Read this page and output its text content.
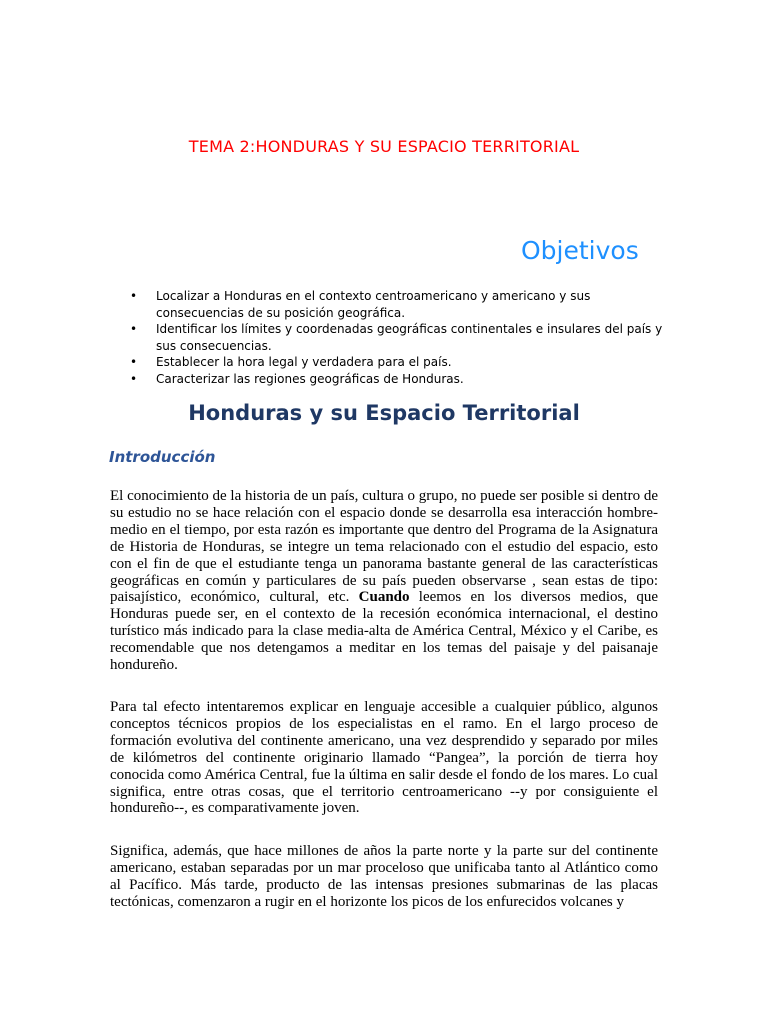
TEMA 2:HONDURAS Y SU ESPACIO TERRITORIAL
Objetivos
• Localizar a Honduras en el contexto centroamericano y americano y sus consecuencias de su posición geográfica.
• Identificar los límites y coordenadas geográficas continentales e insulares del país y sus consecuencias.
• Establecer la hora legal y verdadera para el país.
• Caracterizar las regiones geográficas de Honduras.
Honduras y su Espacio Territorial
Introducción

El conocimiento de la historia de un país, cultura o grupo, no puede ser posible si dentro de su estudio no se hace relación con el espacio donde se desarrolla esa interacción hombre-medio en el tiempo, por esta razón es importante que dentro del Programa de la Asignatura de Historia de Honduras, se integre un tema relacionado con el estudio del espacio, esto con el fin de que el estudiante tenga un panorama bastante general de las características geográficas en común y particulares de su país pueden observarse , sean estas de tipo: paisajístico, económico, cultural, etc. Cuando leemos en los diversos medios, que Honduras puede ser, en el contexto de la recesión económica internacional, el destino turístico más indicado para la clase media-alta de América Central, México y el Caribe, es recomendable que nos detengamos a meditar en los temas del paisaje y del paisanaje hondureño.

Para tal efecto intentaremos explicar en lenguaje accesible a cualquier público, algunos conceptos técnicos propios de los especialistas en el ramo. En el largo proceso de formación evolutiva del continente americano, una vez desprendido y separado por miles de kilómetros del continente originario llamado “Pangea”, la porción de tierra hoy conocida como América Central, fue la última en salir desde el fondo de los mares. Lo cual significa, entre otras cosas, que el territorio centroamericano --y por consiguiente el hondureño--, es comparativamente joven.

Significa, además, que hace millones de años la parte norte y la parte sur del continente americano, estaban separadas por un mar proceloso que unificaba tanto al Atlántico como al Pacífico. Más tarde, producto de las intensas presiones submarinas de las placas tectónicas, comenzaron a rugir en el horizonte los picos de los enfurecidos volcanes y
